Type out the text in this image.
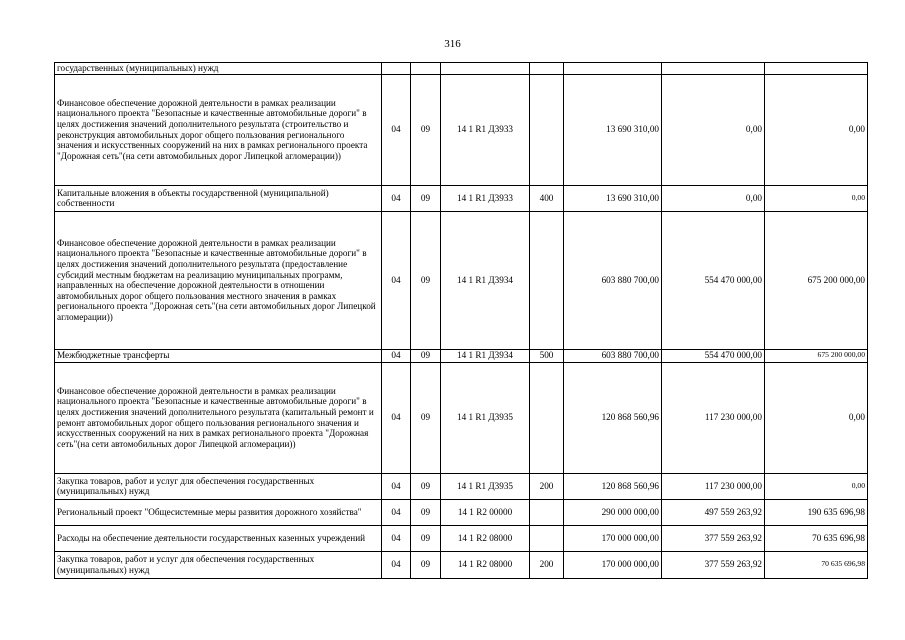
316
государственных (муниципальных) нужд							
Финансовое обеспечение дорожной деятельности в рамках реализации национального проекта "Безопасные и качественные автомобильные дороги" в целях достижения значений дополнительного результата (строительство и реконструкция автомобильных дорог общего пользования регионального значения и искусственных сооружений на них в рамках регионального проекта "Дорожная сеть"(на сети автомобильных дорог Липецкой агломерации))	04	09	14 1 R1 Д3933		13 690 310,00	0,00	0,00
Капитальные вложения в объекты государственной (муниципальной) собственности	04	09	14 1 R1 Д3933	400	13 690 310,00	0,00	0,00
Финансовое обеспечение дорожной деятельности в рамках реализации национального проекта "Безопасные и качественные автомобильные дороги" в целях достижения значений дополнительного результата (предоставление субсидий местным бюджетам на реализацию муниципальных программ, направленных на обеспечение дорожной деятельности в отношении автомобильных дорог общего пользования местного значения в рамках регионального проекта "Дорожная сеть"(на сети автомобильных дорог Липецкой агломерации))	04	09	14 1 R1 Д3934		603 880 700,00	554 470 000,00	675 200 000,00
Межбюджетные трансферты	04	09	14 1 R1 Д3934	500	603 880 700,00	554 470 000,00	675 200 000,00
Финансовое обеспечение дорожной деятельности в рамках реализации национального проекта "Безопасные и качественные автомобильные дороги" в целях достижения значений дополнительного результата (капитальный ремонт и ремонт автомобильных дорог общего пользования регионального значения и искусственных сооружений на них в рамках регионального проекта "Дорожная сеть"(на сети автомобильных дорог Липецкой агломерации))	04	09	14 1 R1 Д3935		120 868 560,96	117 230 000,00	0,00
Закупка товаров, работ и услуг для обеспечения государственных (муниципальных) нужд	04	09	14 1 R1 Д3935	200	120 868 560,96	117 230 000,00	0,00
Региональный проект "Общесистемные меры развития дорожного хозяйства"	04	09	14 1 R2 00000		290 000 000,00	497 559 263,92	190 635 696,98
Расходы на обеспечение деятельности государственных казенных учреждений	04	09	14 1 R2 08000		170 000 000,00	377 559 263,92	70 635 696,98
Закупка товаров, работ и услуг для обеспечения государственных (муниципальных) нужд	04	09	14 1 R2 08000	200	170 000 000,00	377 559 263,92	70 635 696,98
